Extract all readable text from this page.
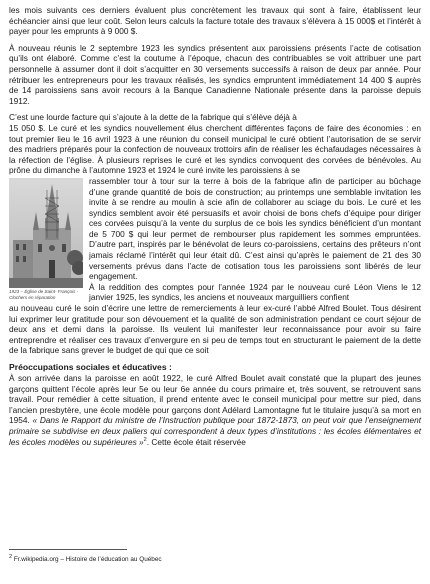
les mois suivants ces derniers évaluent plus concrètement les travaux qui sont à faire, établissent leur échéancier ainsi que leur coût. Selon leurs calculs la facture totale des travaux s’élèvera à 15 000$ et l’intérêt à payer pour les emprunts à 9 000 $.

À nouveau réunis le 2 septembre 1923 les syndics présentent aux paroissiens présents l’acte de cotisation qu’ils ont élaboré. Comme c’est la coutume à l’époque, chacun des contribuables se voit attribuer une part personnelle à assumer dont il doit s’acquitter en 30 versements successifs à raison de deux par année. Pour rétribuer les entrepreneurs pour les travaux réalisés, les syndics empruntent immédiatement 14 400 $ auprès de 14 paroissiens sans avoir recours à la Banque Canadienne Nationale présente dans la paroisse depuis 1912.

C’est une lourde facture qui s’ajoute à la dette de la fabrique qui s’élève déjà à

15 050 $. Le curé et les syndics nouvellement élus cherchent différentes façons de faire des économies : en tout premier lieu le 16 avril 1923 à une réunion du conseil municipal le curé obtient l’autorisation de se servir des madriers préparés pour la confection de nouveaux trottoirs afin de réaliser les échafaudages nécessaires à la réfection de l’église. À plusieurs reprises le curé et les syndics convoquent des corvées de bénévoles. Au prône du dimanche à l’automne 1923 et 1924 le curé invite les paroissiens à se

1923 – Église de Saint- François -
Clochers en réparation

rassembler tour à tour sur la terre à bois de la fabrique afin de participer au bûchage d’une grande quantité de bois de construction; au printemps une semblable invitation les invite à se rendre au moulin à scie afin de collaborer au sciage du bois. Le curé et les syndics semblent avoir été persuasifs et avoir choisi de bons chefs d’équipe pour diriger ces corvées puisqu’à la vente du surplus de ce bois les syndics bénéficient d’un montant de 5 700 $ qui leur permet de rembourser plus rapidement les sommes empruntées. D’autre part, inspirés par le bénévolat de leurs co-paroissiens, certains des prêteurs n’ont jamais réclamé l’intérêt qui leur était dû. C’est ainsi qu’après le paiement de 21 des 30 versements prévus dans l’acte de cotisation tous les paroissiens sont libérés de leur engagement.

À la reddition des comptes pour l’année 1924 par le nouveau curé Léon Viens le 12 janvier 1925, les syndics, les anciens et nouveaux marguilliers confient

au nouveau curé le soin d’écrire une lettre de remerciements à leur ex-curé l’abbé Alfred Boulet. Tous désirent lui exprimer leur gratitude pour son dévouement et la qualité de son administration pendant ce court séjour de deux ans et demi dans la paroisse. Ils veulent lui manifester leur reconnaissance pour avoir su faire entreprendre et réaliser ces travaux d’envergure en si peu de temps tout en structurant le paiement de la dette de la fabrique sans grever le budget de qui que ce soit

Préoccupations sociales et éducatives :

À son arrivée dans la paroisse en août 1922, le curé Alfred Boulet avait constaté que la plupart des jeunes garçons quittent l’école après leur 5e ou leur 6e année du cours primaire et, très souvent, se retrouvent sans travail. Pour remédier à cette situation, il prend entente avec le conseil municipal pour mettre sur pied, dans l’ancien presbytère, une école modèle pour garçons dont Adélard Lamontagne fut le titulaire jusqu’à sa mort en 1954. « Dans le Rapport du ministre de l’Instruction publique pour 1872-1873, on peut voir que l’enseignement primaire se subdivise en deux paliers qui correspondent à deux types d’institutions : les écoles élémentaires et les écoles modèles ou supérieures »$^2$. Cette école était réservée

$^2$ Fr.wikipedia.org – Histoire de l’éducation au Québec
